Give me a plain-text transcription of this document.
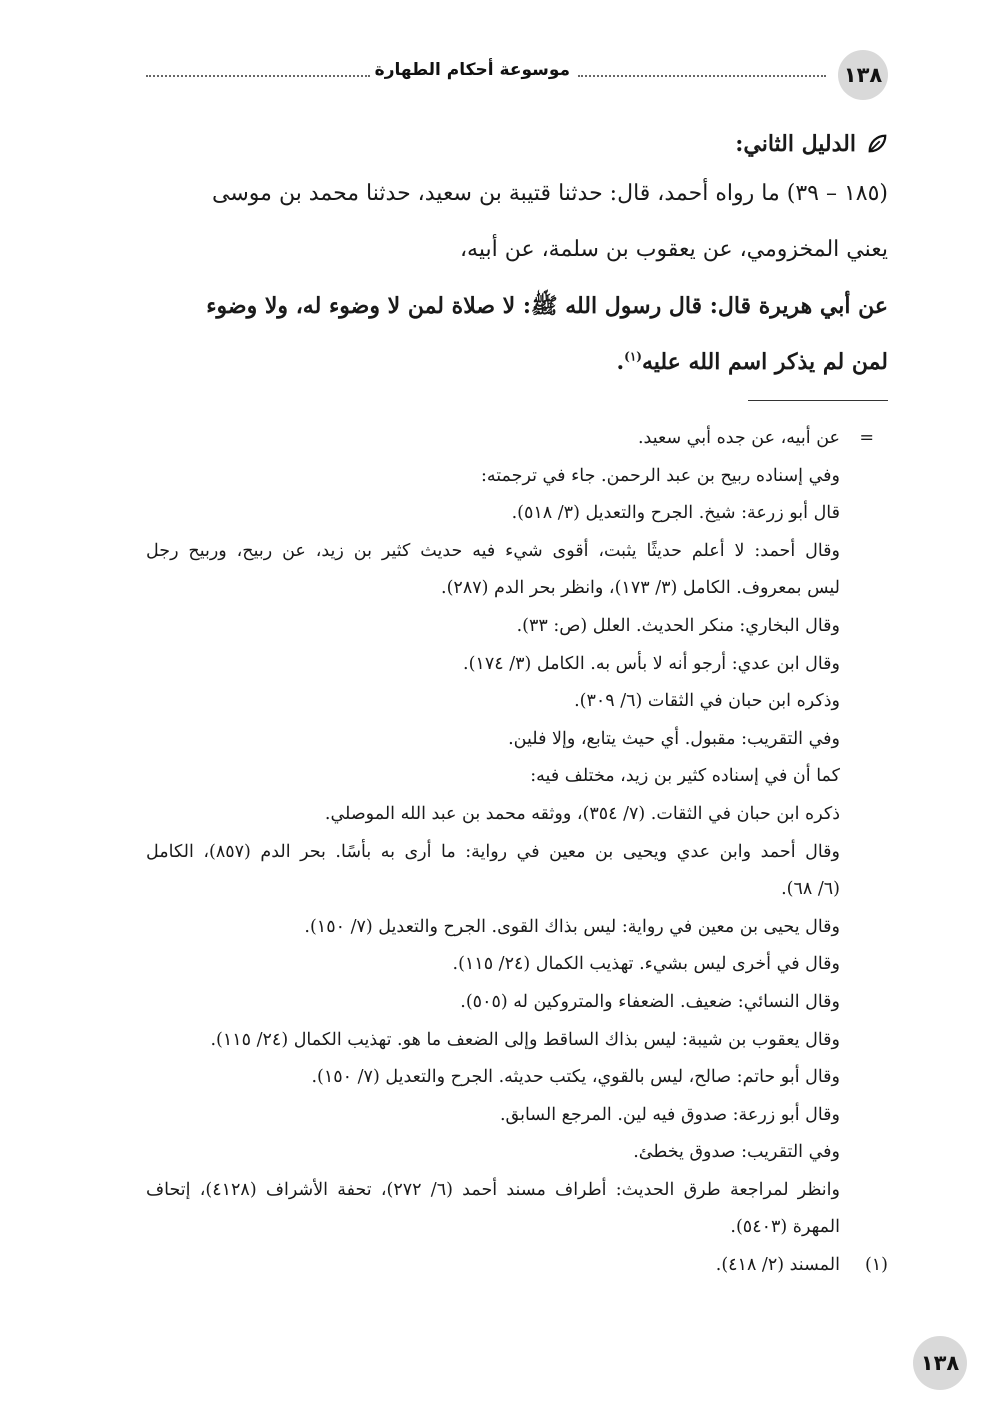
١٣٨
موسوعة أحكام الطهارة
الدليل الثاني:
(١٨٥ – ٣٩) ما رواه أحمد، قال: حدثنا قتيبة بن سعيد، حدثنا محمد بن موسى
يعني المخزومي، عن يعقوب بن سلمة، عن أبيه،
عن أبي هريرة قال: قال رسول الله ﷺ: لا صلاة لمن لا وضوء له، ولا وضوء
لمن لم يذكر اسم الله عليه$^{(١)}$.
=
عن أبيه، عن جده أبي سعيد.
وفي إسناده ربيح بن عبد الرحمن. جاء في ترجمته:
قال أبو زرعة: شيخ. الجرح والتعديل (٣/ ٥١٨).
وقال أحمد: لا أعلم حديثًا يثبت، أقوى شيء فيه حديث كثير بن زيد، عن ربيح، وربيح رجل
ليس بمعروف. الكامل (٣/ ١٧٣)، وانظر بحر الدم (٢٨٧).
وقال البخاري: منكر الحديث. العلل (ص: ٣٣).
وقال ابن عدي: أرجو أنه لا بأس به. الكامل (٣/ ١٧٤).
وذكره ابن حبان في الثقات (٦/ ٣٠٩).
وفي التقريب: مقبول. أي حيث يتابع، وإلا فلين.
كما أن في إسناده كثير بن زيد، مختلف فيه:
ذكره ابن حبان في الثقات. (٧/ ٣٥٤)، ووثقه محمد بن عبد الله الموصلي.
وقال أحمد وابن عدي ويحيى بن معين في رواية: ما أرى به بأسًا. بحر الدم (٨٥٧)، الكامل
(٦/ ٦٨).
وقال يحيى بن معين في رواية: ليس بذاك القوى. الجرح والتعديل (٧/ ١٥٠).
وقال في أخرى ليس بشيء. تهذيب الكمال (٢٤/ ١١٥).
وقال النسائي: ضعيف. الضعفاء والمتروكين له (٥٠٥).
وقال يعقوب بن شيبة: ليس بذاك الساقط وإلى الضعف ما هو. تهذيب الكمال (٢٤/ ١١٥).
وقال أبو حاتم: صالح، ليس بالقوي، يكتب حديثه. الجرح والتعديل (٧/ ١٥٠).
وقال أبو زرعة: صدوق فيه لين. المرجع السابق.
وفي التقريب: صدوق يخطئ.
وانظر لمراجعة طرق الحديث: أطراف مسند أحمد (٦/ ٢٧٢)، تحفة الأشراف (٤١٢٨)، إتحاف
المهرة (٥٤٠٣).
(١)المسند (٢/ ٤١٨).
١٣٨
